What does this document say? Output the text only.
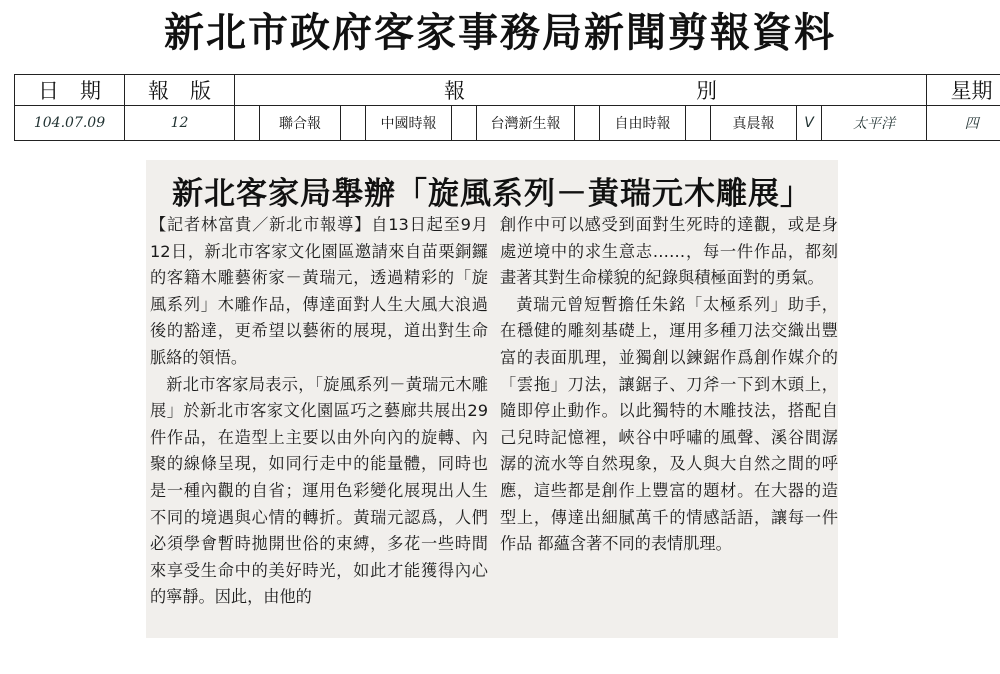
新北市政府客家事務局新聞剪報資料
日　期	報　版	報　　　　　　　　　　　別												星期
104.07.09	12		聯合報		中國時報		台灣新生報		自由時報		真晨報	V	太平洋	四
新北客家局舉辦「旋風系列－黃瑞元木雕展」

【記者林富貴／新北市報導】自13日起至9月12日，新北市客家文化園區邀請來自苗栗銅鑼的客籍木雕藝術家－黃瑞元，透過精彩的「旋風系列」木雕作品，傳達面對人生大風大浪過後的豁達，更希望以藝術的展現，道出對生命脈絡的領悟。

新北市客家局表示，「旋風系列－黃瑞元木雕展」於新北市客家文化園區巧之藝廊共展出29件作品，在造型上主要以由外向內的旋轉、內聚的線條呈現，如同行走中的能量體，同時也是一種內觀的自省；運用色彩變化展現出人生不同的境遇與心情的轉折。黃瑞元認爲，人們必須學會暫時拋開世俗的束縛，多花一些時間來享受生命中的美好時光，如此才能獲得內心的寧靜。因此，由他的

創作中可以感受到面對生死時的達觀，或是身處逆境中的求生意志……，每一件作品，都刻畫著其對生命樣貌的紀錄與積極面對的勇氣。

黃瑞元曾短暫擔任朱銘「太極系列」助手，在穩健的雕刻基礎上，運用多種刀法交織出豐富的表面肌理，並獨創以鍊鋸作爲創作媒介的「雲拖」刀法，讓鋸子、刀斧一下到木頭上，隨即停止動作。以此獨特的木雕技法，搭配自己兒時記憶裡，峽谷中呼嘯的風聲、溪谷間潺潺的流水等自然現象，及人與大自然之間的呼應，這些都是創作上豐富的題材。在大器的造型上，傳達出細膩萬千的情感話語，讓每一件作品 都蘊含著不同的表情肌理。
